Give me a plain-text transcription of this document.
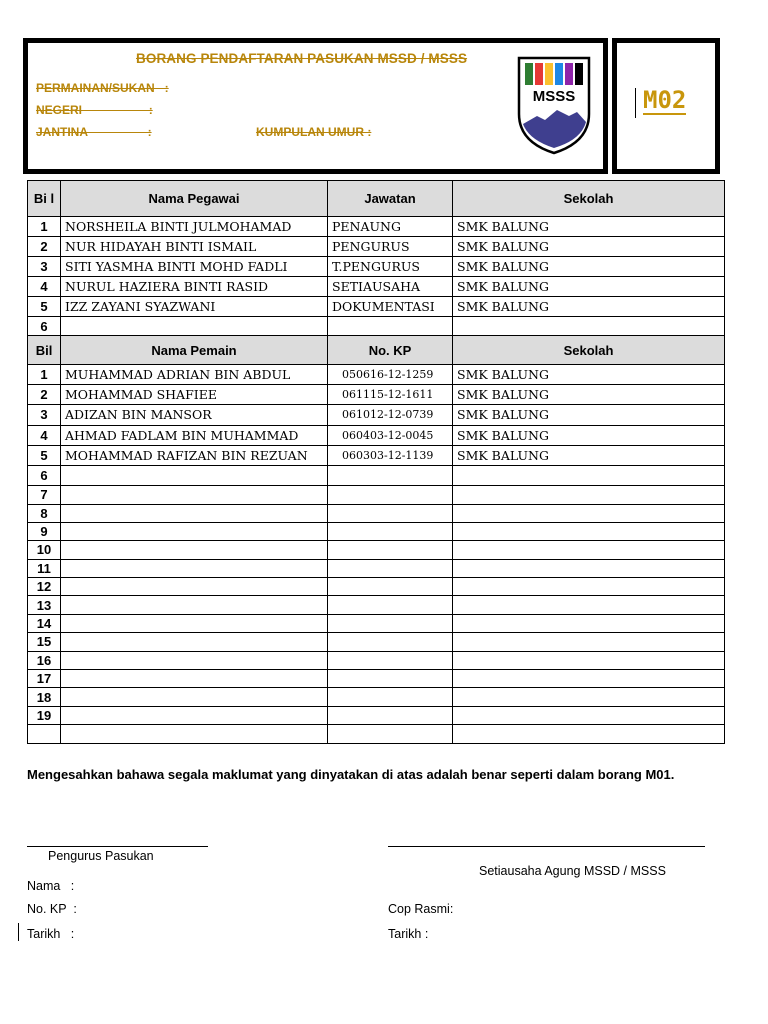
BORANG PENDAFTARAN PASUKAN MSSD / MSSS
PERMAINAN/SUKAN   :
NEGERI                    :
JANTINA                  :	KUMPULAN UMUR :
MSSS	M02
Bi l	Nama Pegawai	Jawatan	Sekolah
1	NORSHEILA BINTI JULMOHAMAD	PENAUNG	SMK BALUNG
2	NUR HIDAYAH BINTI ISMAIL	PENGURUS	SMK BALUNG
3	SITI YASMHA BINTI MOHD FADLI	T.PENGURUS	SMK BALUNG
4	NURUL HAZIERA BINTI RASID	SETIAUSAHA	SMK BALUNG
5	IZZ ZAYANI SYAZWANI	DOKUMENTASI	SMK BALUNG
6			
Bil	Nama Pemain	No. KP	Sekolah
1	MUHAMMAD ADRIAN BIN ABDUL	050616-12-1259	SMK BALUNG
2	MOHAMMAD SHAFIEE	061115-12-1611	SMK BALUNG
3	ADIZAN BIN MANSOR	061012-12-0739	SMK BALUNG
4	AHMAD FADLAM BIN MUHAMMAD	060403-12-0045	SMK BALUNG
5	MOHAMMAD RAFIZAN BIN REZUAN	060303-12-1139	SMK BALUNG
6			
7			
8			
9			
10			
11			
12			
13			
14			
15			
16			
17			
18			
19			

Mengesahkan bahawa segala maklumat yang dinyatakan di atas adalah benar seperti dalam borang M01.
Pengurus Pasukan
Nama   :
No. KP  :
Tarikh   :
Setiausaha Agung MSSD / MSSS
Cop Rasmi:
Tarikh :
